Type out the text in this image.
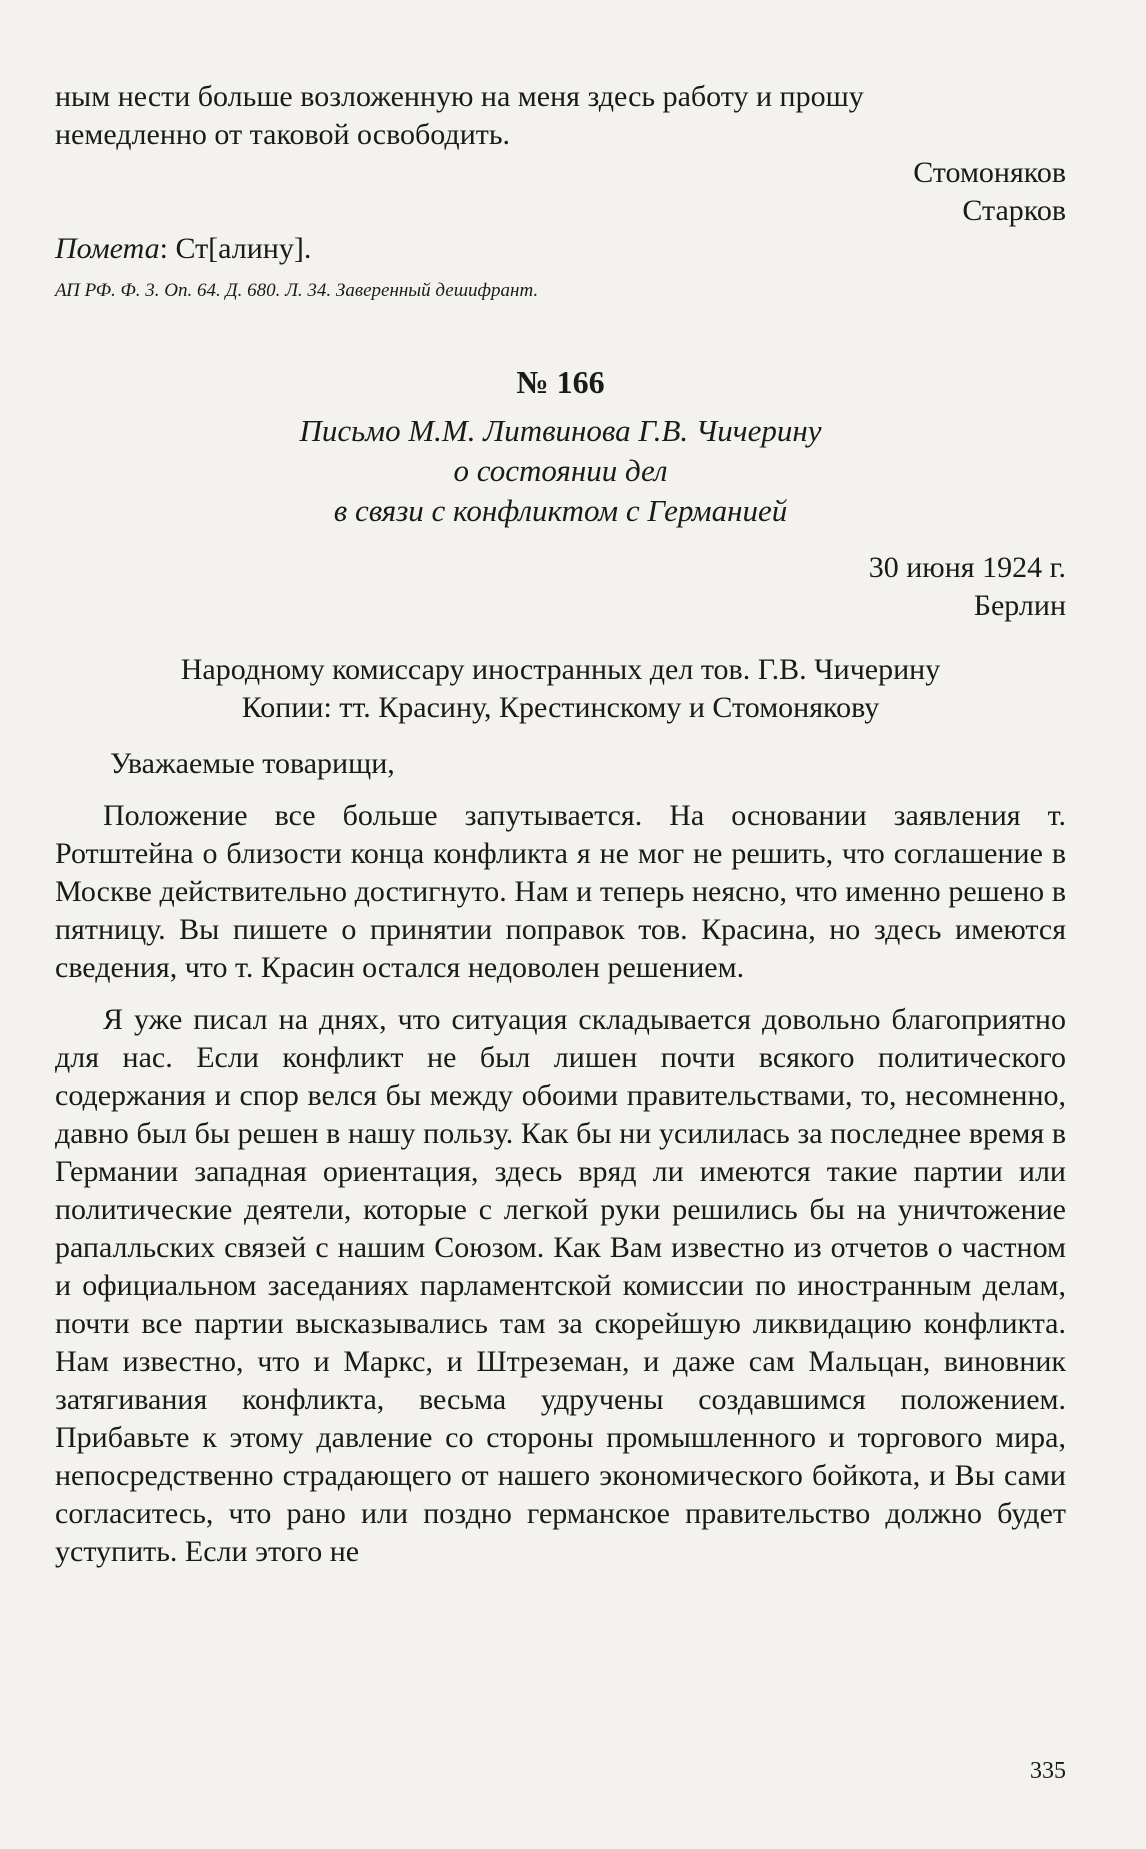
ным нести больше возложенную на меня здесь работу и прошу

немедленно от таковой освободить.

Стомоняков

Старков

Помета: Ст[алину].

АП РФ. Ф. 3. Оп. 64. Д. 680. Л. 34. Заверенный дешифрант.

№ 166

Письмо М.М. Литвинова Г.В. Чичерину

о состоянии дел

в связи с конфликтом с Германией

30 июня 1924 г.

Берлин

Народному комиссару иностранных дел тов. Г.В. Чичерину

Копии: тт. Красину, Крестинскому и Стомонякову

Уважаемые товарищи,

Положение все больше запутывается. На основании заявления т. Ротштейна о близости конца конфликта я не мог не решить, что соглашение в Москве действительно достигнуто. Нам и теперь неясно, что именно решено в пятницу. Вы пишете о принятии поправок тов. Красина, но здесь имеются сведения, что т. Красин остался недоволен решением.

Я уже писал на днях, что ситуация складывается довольно благоприятно для нас. Если конфликт не был лишен почти всякого политического содержания и спор велся бы между обоими правительствами, то, несомненно, давно был бы решен в нашу пользу. Как бы ни усилилась за последнее время в Германии западная ориентация, здесь вряд ли имеются такие партии или политические деятели, которые с легкой руки решились бы на уничтожение рапалльских связей с нашим Союзом. Как Вам известно из отчетов о частном и официальном заседаниях парламентской комиссии по иностранным делам, почти все партии высказывались там за скорейшую ликвидацию конфликта. Нам известно, что и Маркс, и Штреземан, и даже сам Мальцан, виновник затягивания конфликта, весьма удручены создавшимся положением. Прибавьте к этому давление со стороны промышленного и торгового мира, непосредственно страдающего от нашего экономического бойкота, и Вы сами согласитесь, что рано или поздно германское правительство должно будет уступить. Если этого не

335
